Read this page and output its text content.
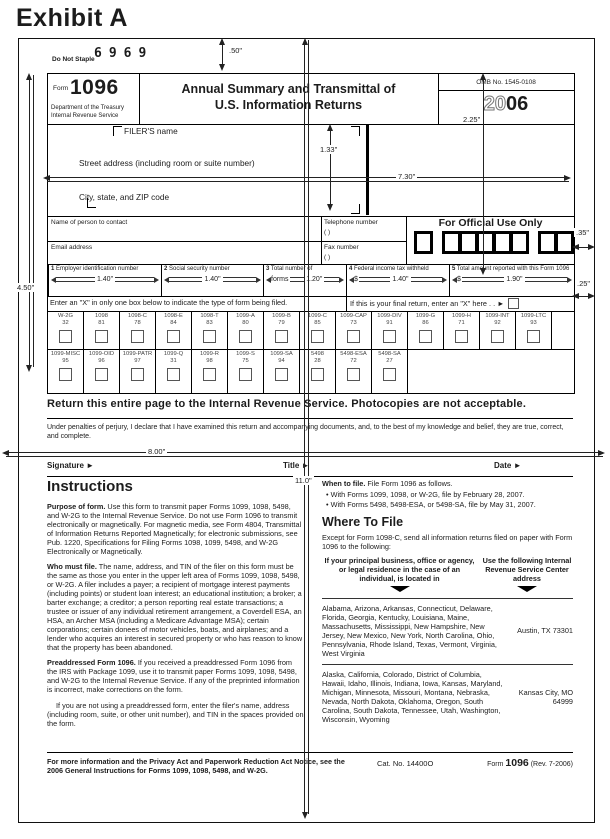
Exhibit A
Do Not Staple 6969
Form 1096
Department of the Treasury
Internal Revenue Service
Annual Summary and Transmittal of
U.S. Information Returns
OMB No. 1545-0108
2006
FILER'S name
Street address (including room or suite number)
City, state, and ZIP code
Name of person to contact	Telephone number
( )
Email address	Fax number
( )
For Official Use Only
1 Employer identification number
1.40"
2 Social security number
1.40"
3 Total number of
forms	1.20"
4 Federal income tax withheld
$	1.40"
5 Total amount reported with this Form 1096
$	1.90"
Enter an "X" in only one box below to indicate the type of form being filed.	If this is your final return, enter an "X" here . . ►
W-2G
32
1098
81
1098-C
78
1098-E
84
1098-T
83
1099-A
80
1099-B
79
1099-C
85
1099-CAP
73
1099-DIV
91
1099-G
86
1099-H
71
1099-INT
92
1099-LTC
93
1099-MISC
95
1099-OID
96
1099-PATR
97
1099-Q
31
1099-R
98
1099-S
75
1099-SA
94
5498
28
5498-ESA
72
5498-SA
27
Return this entire page to the Internal Revenue Service. Photocopies are not acceptable.
Under penalties of perjury, I declare that I have examined this return and accompanying documents, and, to the best of my knowledge and belief, they are true, correct, and complete.
Signature ►	Title ►	Date ►
Instructions

Purpose of form. Use this form to transmit paper Forms 1099, 1098, 5498, and W-2G to the Internal Revenue Service. Do not use Form 1096 to transmit electronically or magnetically. For magnetic media, see Form 4804, Transmittal of Information Returns Reported Magnetically; for electronic submissions, see Pub. 1220, Specifications for Filing Forms 1098, 1099, 5498, and W-2G Electronically or Magnetically.

Who must file. The name, address, and TIN of the filer on this form must be the same as those you enter in the upper left area of Forms 1099, 1098, 5498, or W-2G. A filer includes a payer; a recipient of mortgage interest payments (including points) or student loan interest; an educational institution; a broker; a barter exchange; a creditor; a person reporting real estate transactions; a trustee or issuer of any individual retirement arrangement, a Coverdell ESA, an HSA, an Archer MSA (including a Medicare Advantage MSA); certain corporations; certain donees of motor vehicles, boats, and airplanes; and a lender who acquires an interest in secured property or who has reason to know that the property has been abandoned.

Preaddressed Form 1096. If you received a preaddressed Form 1096 from the IRS with Package 1099, use it to transmit paper Forms 1099, 1098, 5498, and W-2G to the Internal Revenue Service. If any of the preprinted information is incorrect, make corrections on the form.

If you are not using a preaddressed form, enter the filer's name, address (including room, suite, or other unit number), and TIN in the spaces provided on the form.

When to file. File Form 1096 as follows.

• With Forms 1099, 1098, or W-2G, file by February 28, 2007.
• With Forms 5498, 5498-ESA, or 5498-SA, file by May 31, 2007.
Where To File
Except for Form 1098-C, send all information returns filed on paper with Form 1096 to the following:
If your principal business, office or agency, or legal residence in the case of an individual, is located in
Use the following Internal Revenue Service Center address
Alabama, Arizona, Arkansas, Connecticut, Delaware, Florida, Georgia, Kentucky, Louisiana, Maine, Massachusetts, Mississippi, New Hampshire, New Jersey, New Mexico, New York, North Carolina, Ohio, Pennsylvania, Rhode Island, Texas, Vermont, Virginia, West Virginia
Austin, TX 73301
Alaska, California, Colorado, District of Columbia, Hawaii, Idaho, Illinois, Indiana, Iowa, Kansas, Maryland, Michigan, Minnesota, Missouri, Montana, Nebraska, Nevada, North Dakota, Oklahoma, Oregon, South Carolina, South Dakota, Tennessee, Utah, Washington, Wisconsin, Wyoming
Kansas City, MO 64999
For more information and the Privacy Act and Paperwork Reduction Act Notice, see the 2006 General Instructions for Forms 1099, 1098, 5498, and W-2G.
Cat. No. 14400O	Form 1096 (Rev. 7-2006)
4.50"
.50"
11.0"
2.25"
1.33"
7.30"
8.00"
.35"
.25"
